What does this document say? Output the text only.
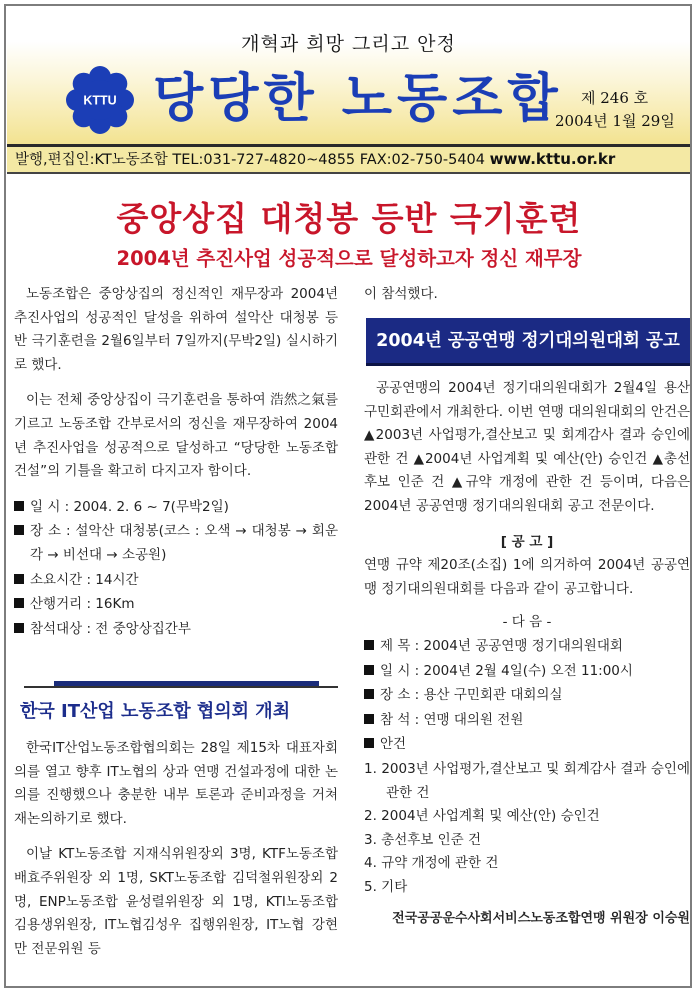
개혁과 희망 그리고 안정
KTTU 당당한 노동조합 제 246 호
2004년 1월 29일
발행,편집인:KT노동조합 TEL:031-727-4820~4855 FAX:02-750-5404 www.kttu.or.kr
중앙상집 대청봉 등반 극기훈련
2004년 추진사업 성공적으로 달성하고자 정신 재무장

노동조합은 중앙상집의 정신적인 재무장과 2004년 추진사업의 성공적인 달성을 위하여 설악산 대청봉 등반 극기훈련을 2월6일부터 7일까지(무박2일) 실시하기로 했다.

이는 전체 중앙상집이 극기훈련을 통하여 浩然之氣를 기르고 노동조합 간부로서의 정신을 재무장하여 2004년 추진사업을 성공적으로 달성하고 “당당한 노동조합 건설”의 기틀을 확고히 다지고자 함이다.

일 시 : 2004. 2. 6 ~ 7(무박2일)
장 소 : 설악산 대청봉(코스 : 오색 → 대청봉 → 회운각 → 비선대 → 소공원)
소요시간 : 14시간
산행거리 : 16Km
참석대상 : 전 중앙상집간부
한국 IT산업 노동조합 협의회 개최

한국IT산업노동조합협의회는 28일 제15차 대표자회의를 열고 향후 IT노협의 상과 연맹 건설과정에 대한 논의를 진행했으나 충분한 내부 토론과 준비과정을 거쳐 재논의하기로 했다.

이날 KT노동조합 지재식위원장외 3명, KTF노동조합 배효주위원장 외 1명, SKT노동조합 김덕철위원장외 2명, ENP노동조합 윤성렬위원장 외 1명, KTI노동조합 김용생위원장, IT노협김성우 집행위원장, IT노협 강현만 전문위원 등

이 참석했다.
2004년 공공연맹 정기대의원대회 공고

공공연맹의 2004년 정기대의원대회가 2월4일 용산 구민회관에서 개최한다. 이번 연맹 대의원대회의 안건은 ▲2003년 사업평가,결산보고 및 회계감사 결과 승인에 관한 건 ▲2004년 사업계획 및 예산(안) 승인건 ▲총선후보 인준 건 ▲규약 개정에 관한 건 등이며, 다음은 2004년 공공연맹 정기대의원대회 공고 전문이다.

[ 공 고 ]
연맹 규약 제20조(소집) 1에 의거하여 2004년 공공연맹 정기대의원대회를 다음과 같이 공고합니다.
- 다 음 -
제 목 : 2004년 공공연맹 정기대의원대회
일 시 : 2004년 2월 4일(수) 오전 11:00시
장 소 : 용산 구민회관 대회의실
참 석 : 연맹 대의원 전원
안건
1. 2003년 사업평가,결산보고 및 회계감사 결과 승인에 관한 건
2. 2004년 사업계획 및 예산(안) 승인건
3. 총선후보 인준 건
4. 규약 개정에 관한 건
5. 기타
전국공공운수사회서비스노동조합연맹 위원장 이승원
